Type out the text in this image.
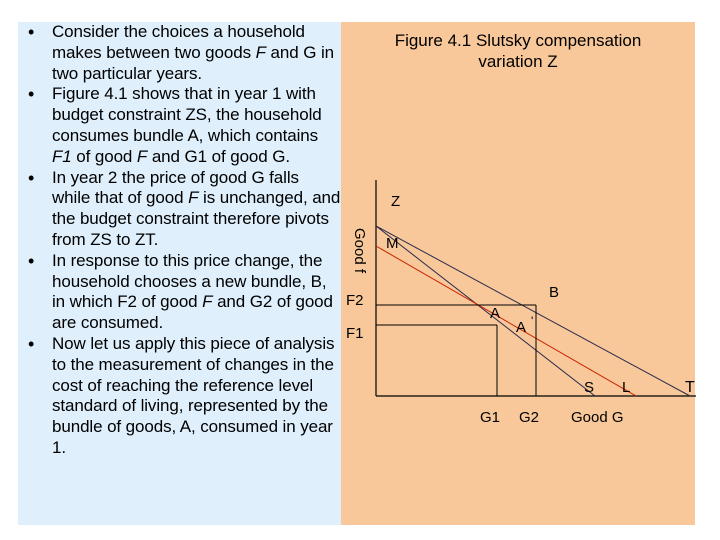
• Consider the choices a household makes between two goods F and G in two particular years.
• Figure 4.1 shows that in year 1 with budget constraint ZS, the household consumes bundle A, which contains F1 of good F and G1 of good G.
• In year 2 the price of good G falls while that of good F is unchanged, and the budget constraint therefore pivots from ZS to ZT.
• In response to this price change, the household chooses a new bundle, B, in which F2 of good F and G2 of good are consumed.
• Now let us apply this piece of analysis to the measurement of changes in the cost of reaching the reference level standard of living, represented by the bundle of goods, A, consumed in year 1.
Figure 4.1 Slutsky compensation
variation Z
Z
M
B
A
A '
S L	T
F2
F1
G1 G2 Good G
Good f
